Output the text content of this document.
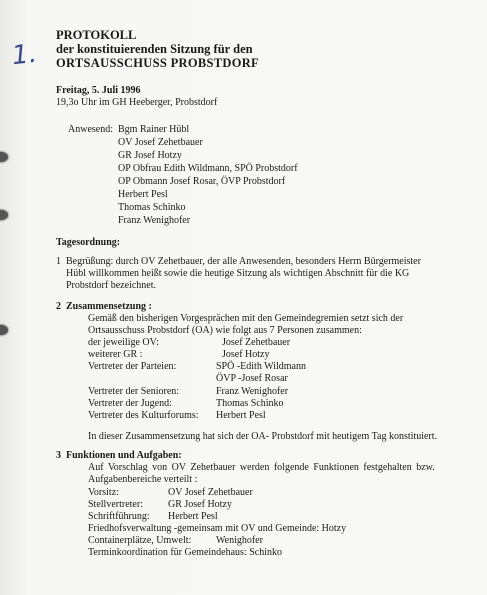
1.
PROTOKOLL
der konstituierenden Sitzung für den
ORTSAUSSCHUSS PROBSTDORF
Freitag, 5. Juli 1996
19,3o Uhr im GH Heeberger, Probstdorf
Anwesend: Bgm Rainer Hübl
OV Josef Zehetbauer
GR Josef Hotzy
OP Obfrau Edith Wildmann, SPÖ Probstdorf
OP Obmann Josef Rosar, ÖVP Probstdorf
Herbert Pesl
Thomas Schinko
Franz Wenighofer
Tagesordnung:
1 Begrüßung: durch OV Zehetbauer, der alle Anwesenden, besonders Herrn Bürgermeister
Hübl willkommen heißt sowie die heutige Sitzung als wichtigen Abschnitt für die KG
Probstdorf bezeichnet.
2 Zusammensetzung :
Gemäß den bisherigen Vorgesprächen mit den Gemeindegremien setzt sich der
Ortsausschuss Probstdorf (OA) wie folgt aus 7 Personen zusammen:
der jeweilige OV:	Josef Zehetbauer
weiterer GR :	Josef Hotzy
Vertreter der Parteien:	SPÖ -Edith Wildmann
ÖVP -Josef Rosar
Vertreter der Senioren:	Franz Wenighofer
Vertreter der Jugend:	Thomas Schinko
Vertreter des Kulturforums: Herbert Pesl
In dieser Zusammensetzung hat sich der OA- Probstdorf mit heutigem Tag konstituiert.
3 Funktionen und Aufgaben:
Auf Vorschlag von OV Zehetbauer werden folgende Funktionen festgehalten bzw.
Aufgabenbereiche verteilt :
Vorsitz:	OV Josef Zehetbauer
Stellvertreter:	GR Josef Hotzy
Schriftführung: Herbert Pesl
Friedhofsverwaltung -gemeinsam mit OV und Gemeinde: Hotzy
Containerplätze, Umwelt: Wenighofer
Terminkoordination für Gemeindehaus: Schinko
